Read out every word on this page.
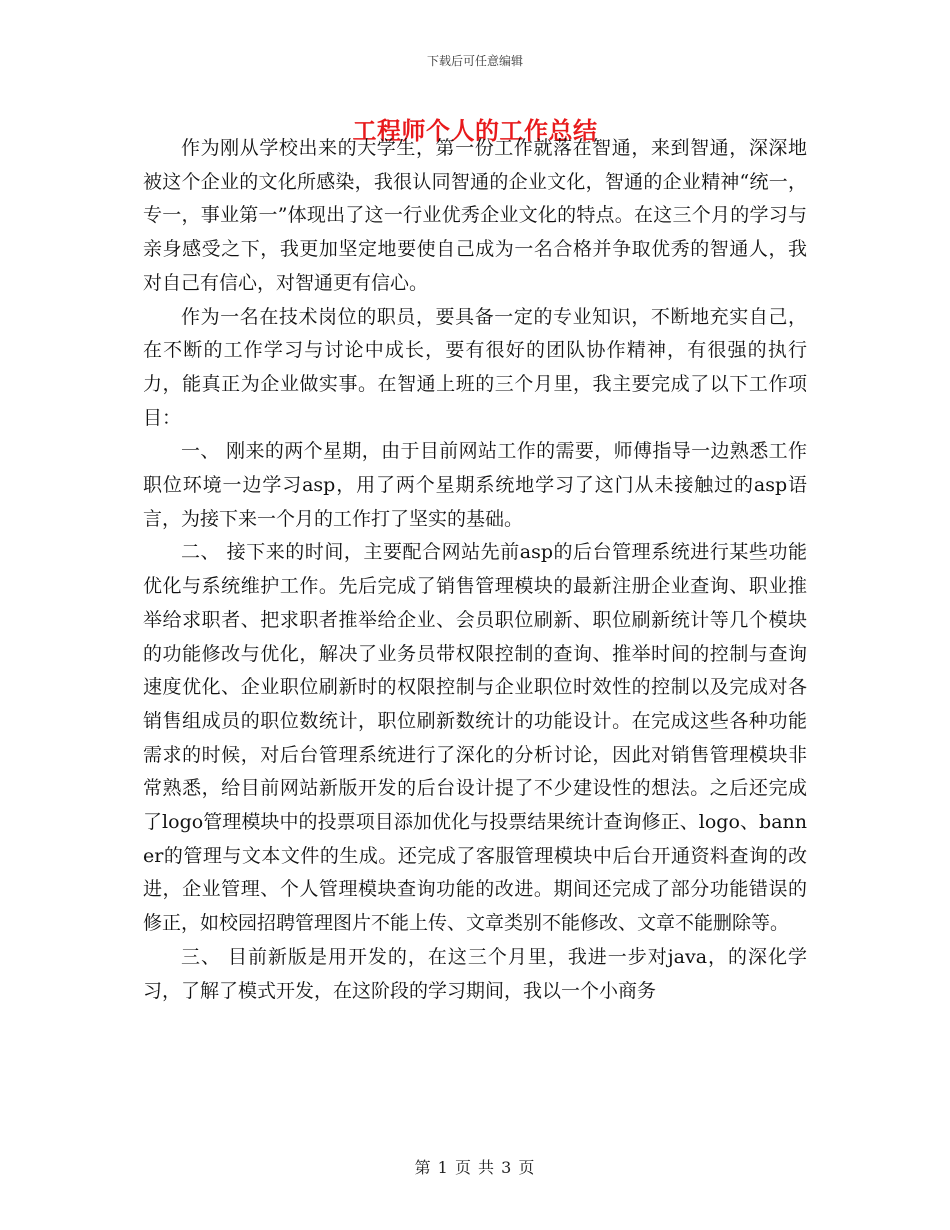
下载后可任意编辑
工程师个人的工作总结

作为刚从学校出来的大学生，第一份工作就落在智通，来到智通，深深地被这个企业的文化所感染，我很认同智通的企业文化，智通的企业精神“统一，专一，事业第一”体现出了这一行业优秀企业文化的特点。在这三个月的学习与亲身感受之下，我更加坚定地要使自己成为一名合格并争取优秀的智通人，我对自己有信心，对智通更有信心。

作为一名在技术岗位的职员，要具备一定的专业知识，不断地充实自己，在不断的工作学习与讨论中成长，要有很好的团队协作精神，有很强的执行力，能真正为企业做实事。在智通上班的三个月里，我主要完成了以下工作项目：

一、 刚来的两个星期，由于目前网站工作的需要，师傅指导一边熟悉工作职位环境一边学习asp，用了两个星期系统地学习了这门从未接触过的asp语言，为接下来一个月的工作打了坚实的基础。

二、 接下来的时间，主要配合网站先前asp的后台管理系统进行某些功能优化与系统维护工作。先后完成了销售管理模块的最新注册企业查询、职业推举给求职者、把求职者推举给企业、会员职位刷新、职位刷新统计等几个模块的功能修改与优化，解决了业务员带权限控制的查询、推举时间的控制与查询速度优化、企业职位刷新时的权限控制与企业职位时效性的控制以及完成对各销售组成员的职位数统计，职位刷新数统计的功能设计。在完成这些各种功能需求的时候，对后台管理系统进行了深化的分析讨论，因此对销售管理模块非常熟悉，给目前网站新版开发的后台设计提了不少建设性的想法。之后还完成了logo管理模块中的投票项目添加优化与投票结果统计查询修正、logo、banner的管理与文本文件的生成。还完成了客服管理模块中后台开通资料查询的改进，企业管理、个人管理模块查询功能的改进。期间还完成了部分功能错误的修正，如校园招聘管理图片不能上传、文章类别不能修改、文章不能删除等。

三、 目前新版是用开发的，在这三个月里，我进一步对java，的深化学习，了解了模式开发，在这阶段的学习期间，我以一个小商务

第 1 页 共 3 页
